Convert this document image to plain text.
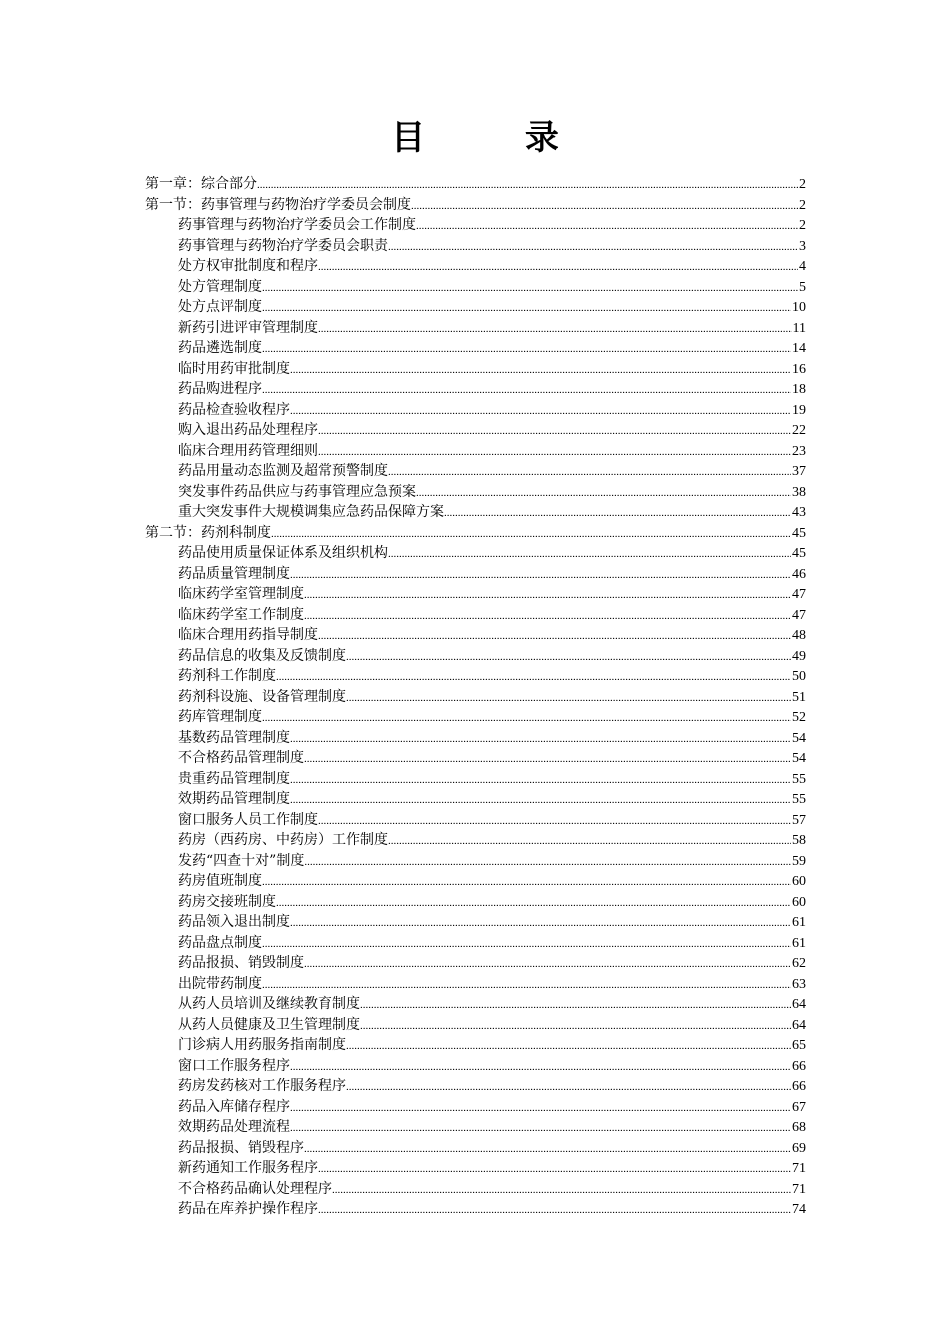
目 录
第一章：综合部分 .....	2
第一节：药事管理与药物治疗学委员会制度 .....	2
药事管理与药物治疗学委员会工作制度 .....	2
药事管理与药物治疗学委员会职责 .....	3
处方权审批制度和程序 .....	4
处方管理制度 .....	5
处方点评制度 .....	10
新药引进评审管理制度 .....	11
药品遴选制度 .....	14
临时用药审批制度 .....	16
药品购进程序 .....	18
药品检查验收程序 .....	19
购入退出药品处理程序 .....	22
临床合理用药管理细则 .....	23
药品用量动态监测及超常预警制度 .....	37
突发事件药品供应与药事管理应急预案 .....	38
重大突发事件大规模调集应急药品保障方案 .....	43
第二节：药剂科制度 .....	45
药品使用质量保证体系及组织机构 .....	45
药品质量管理制度 .....	46
临床药学室管理制度 .....	47
临床药学室工作制度 .....	47
临床合理用药指导制度 .....	48
药品信息的收集及反馈制度 .....	49
药剂科工作制度 .....	50
药剂科设施、设备管理制度 .....	51
药库管理制度 .....	52
基数药品管理制度 .....	54
不合格药品管理制度 .....	54
贵重药品管理制度 .....	55
效期药品管理制度 .....	55
窗口服务人员工作制度 .....	57
药房（西药房、中药房）工作制度 .....	58
发药“四查十对”制度 .....	59
药房值班制度 .....	60
药房交接班制度 .....	60
药品领入退出制度 .....	61
药品盘点制度 .....	61
药品报损、销毁制度 .....	62
出院带药制度 .....	63
从药人员培训及继续教育制度 .....	64
从药人员健康及卫生管理制度 .....	64
门诊病人用药服务指南制度 .....	65
窗口工作服务程序 .....	66
药房发药核对工作服务程序 .....	66
药品入库储存程序 .....	67
效期药品处理流程 .....	68
药品报损、销毁程序 .....	69
新药通知工作服务程序 .....	71
不合格药品确认处理程序 .....	71
药品在库养护操作程序 .....	74
